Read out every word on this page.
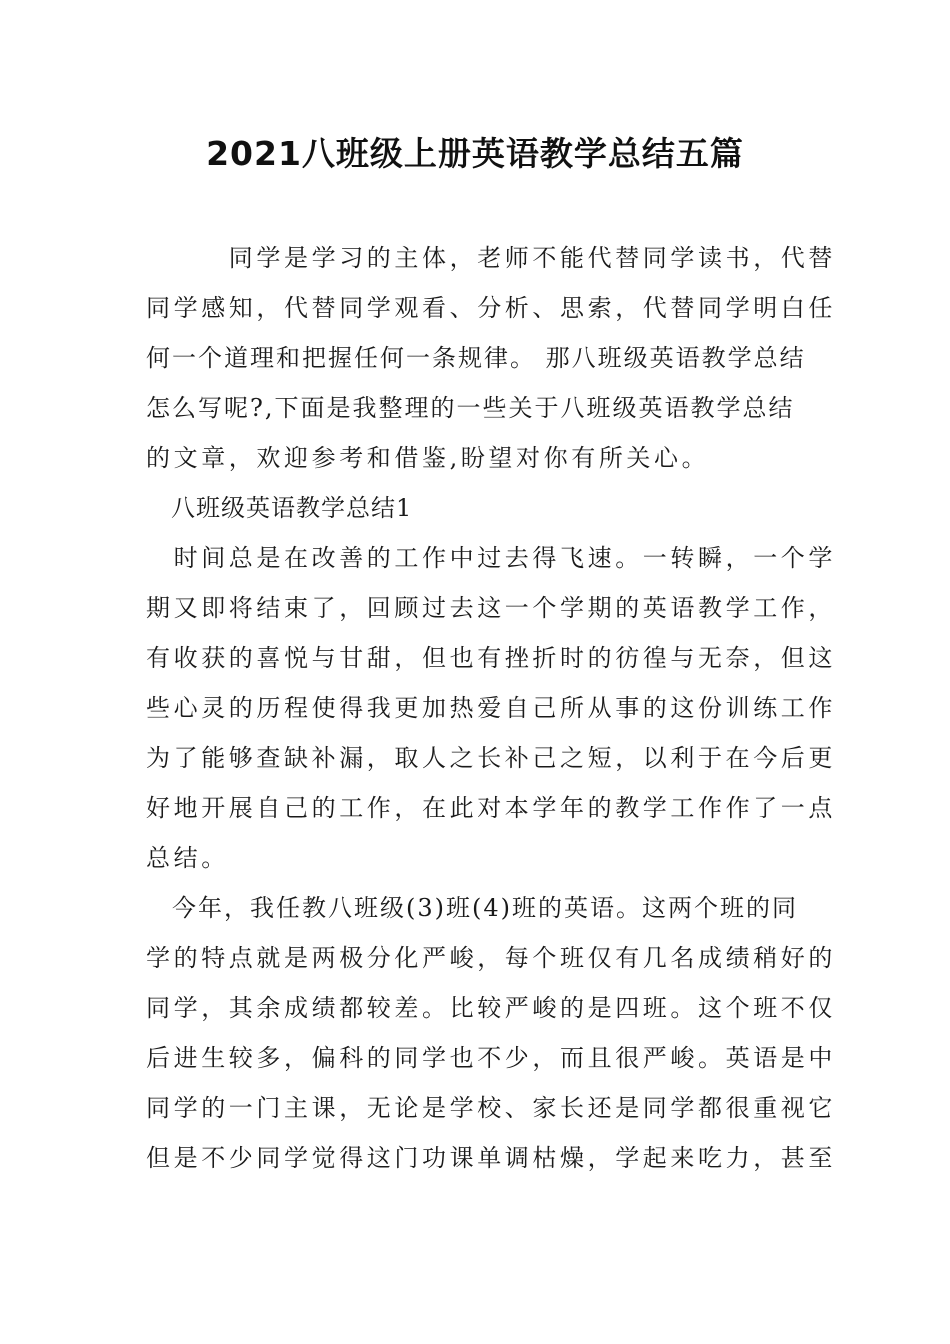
2021八班级上册英语教学总结五篇

　　　同学是学习的主体，老师不能代替同学读书，代替

同学感知，代替同学观看、分析、思索，代替同学明白任

何一个道理和把握任何一条规律。 那八班级英语教学总结

怎么写呢?,下面是我整理的一些关于八班级英语教学总结

的文章，欢迎参考和借鉴,盼望对你有所关心。

　八班级英语教学总结1

　时间总是在改善的工作中过去得飞速。一转瞬，一个学

期又即将结束了，回顾过去这一个学期的英语教学工作，

有收获的喜悦与甘甜，但也有挫折时的彷徨与无奈，但这

些心灵的历程使得我更加热爱自己所从事的这份训练工作

为了能够查缺补漏，取人之长补己之短，以利于在今后更

好地开展自己的工作，在此对本学年的教学工作作了一点

总结。

　今年，我任教八班级(3)班(4)班的英语。这两个班的同

学的特点就是两极分化严峻，每个班仅有几名成绩稍好的

同学，其余成绩都较差。比较严峻的是四班。这个班不仅

后进生较多，偏科的同学也不少，而且很严峻。英语是中

同学的一门主课，无论是学校、家长还是同学都很重视它

但是不少同学觉得这门功课单调枯燥，学起来吃力，甚至
